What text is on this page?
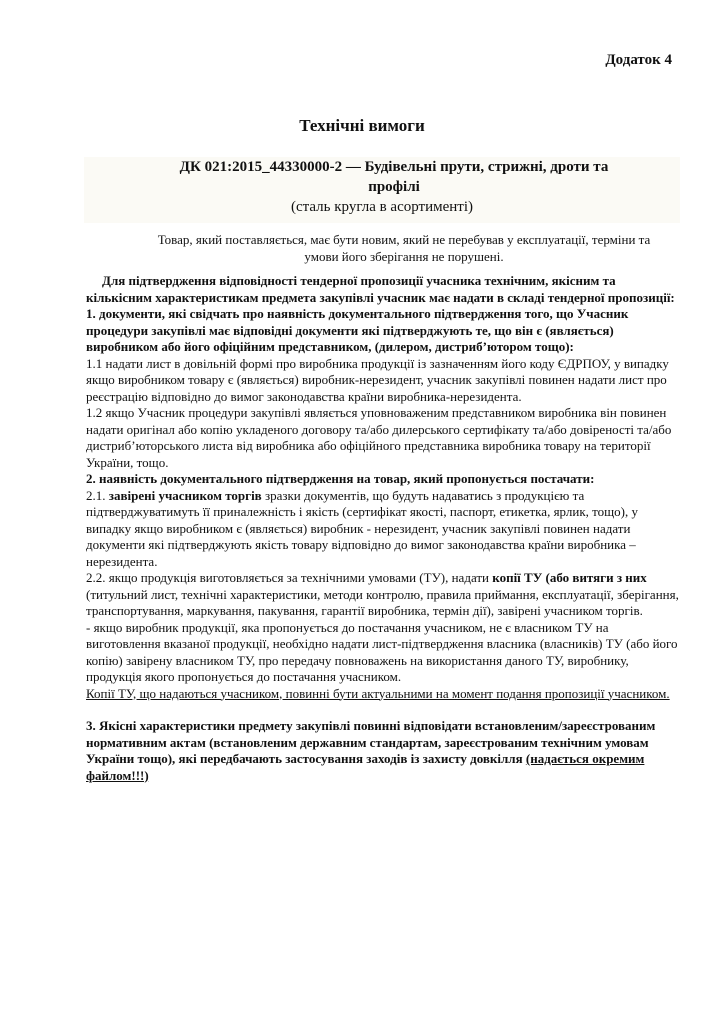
Додаток 4
Технічні вимоги
ДК 021:2015_44330000-2 — Будівельні прути, стрижні, дроти та
профілі
(сталь кругла в асортименті)
Товар, який поставляється, має бути новим, який не перебував у експлуатації, терміни та умови його зберігання не порушені.

Для підтвердження відповідності тендерної пропозиції учасника технічним, якісним та кількісним характеристикам предмета закупівлі учасник має надати в складі тендерної пропозиції:

1. документи, які свідчать про наявність документального підтвердження того, що Учасник процедури закупівлі має відповідні документи які підтверджують те, що він є (являється) виробником або його офіційним представником, (дилером, дистриб’ютором тощо):

1.1 надати лист в довільній формі про виробника продукції із зазначенням його коду ЄДРПОУ, у випадку якщо виробником товару є (являється) виробник-нерезидент, учасник закупівлі повинен надати лист про реєстрацію відповідно до вимог законодавства країни виробника-нерезидента.

1.2 якщо Учасник процедури закупівлі являється уповноваженим представником виробника він повинен надати оригінал або копію укладеного договору та/або дилерського сертифікату та/або довіреності та/або дистриб’юторського листа від виробника або офіційного представника виробника товару на території України, тощо.

2. наявність документального підтвердження на товар, який пропонується постачати:

2.1. завірені учасником торгів зразки документів, що будуть надаватись з продукцією та підтверджуватимуть її приналежність і якість (сертифікат якості, паспорт, етикетка, ярлик, тощо), у випадку якщо виробником є (являється) виробник - нерезидент, учасник закупівлі повинен надати документи які підтверджують якість товару відповідно до вимог законодавства країни виробника – нерезидента.

2.2. якщо продукція виготовляється за технічними умовами (ТУ), надати копії ТУ (або витяги з них (титульний лист, технічні характеристики, методи контролю, правила приймання, експлуатації, зберігання, транспортування, маркування, пакування, гарантії виробника, термін дії), завірені учасником торгів.

- якщо виробник продукції, яка пропонується до постачання учасником, не є власником ТУ на виготовлення вказаної продукції, необхідно надати лист-підтвердження власника (власників) ТУ (або його копію) завірену власником ТУ, про передачу повноважень на використання даного ТУ, виробнику, продукція якого пропонується до постачання учасником.

Копії ТУ, що надаються учасником, повинні бути актуальними на момент подання пропозиції учасником.

3. Якісні характеристики предмету закупівлі повинні відповідати встановленим/зареєстрованим нормативним актам (встановленим державним стандартам, зареєстрованим технічним умовам України тощо), які передбачають застосування заходів із захисту довкілля (надається окремим файлом!!!)
